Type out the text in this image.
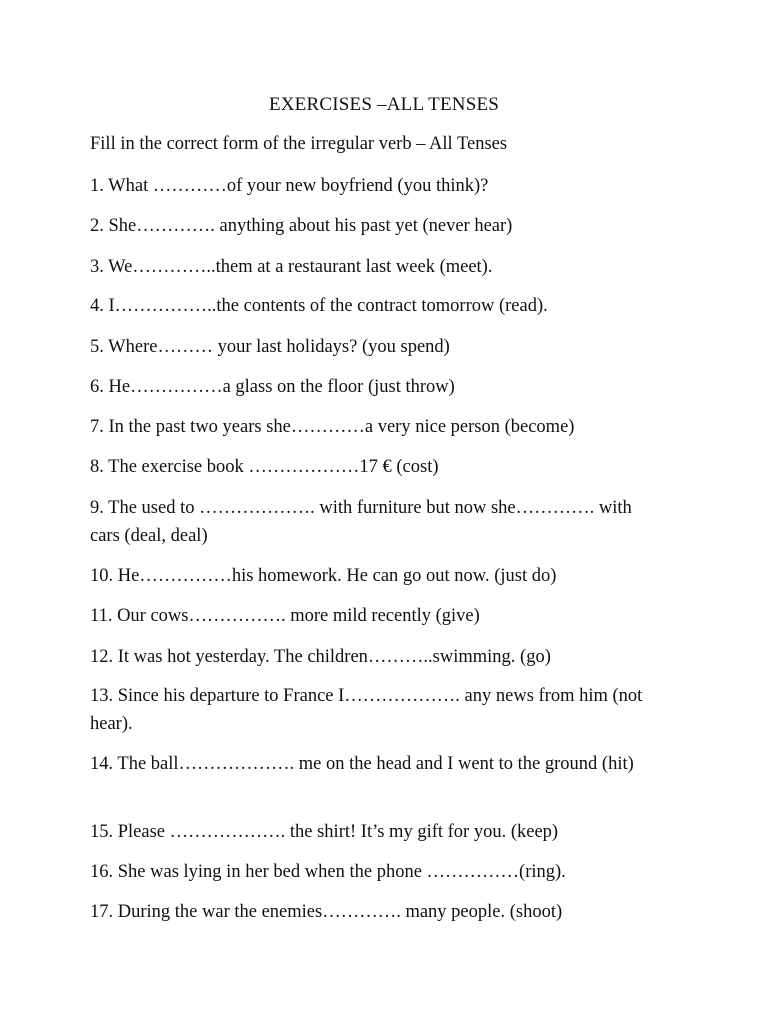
EXERCISES –ALL TENSES
Fill in the correct form of the irregular verb – All Tenses
1. What …………of your new boyfriend (you think)?
2. She…………. anything about his past yet (never hear)
3. We…………..them at a restaurant last week (meet).
4. I……………..the contents of the contract tomorrow (read).
5. Where……… your last holidays? (you spend)
6. He……………a glass on the floor (just throw)
7. In the past two years she…………a very nice person (become)
8. The exercise book ………………17 € (cost)
9. The used to ………………. with furniture but now she…………. with cars (deal, deal)
10. He……………his homework. He can go out now. (just do)
11. Our cows……………. more mild recently (give)
12. It was hot yesterday. The children………..swimming. (go)
13. Since his departure to France I………………. any news from him (not hear).
14. The ball………………. me on the head and I went to the ground (hit)
15. Please ………………. the shirt! It’s my gift for you. (keep)
16. She was lying in her bed when the phone ……………(ring).
17. During the war the enemies…………. many people. (shoot)
